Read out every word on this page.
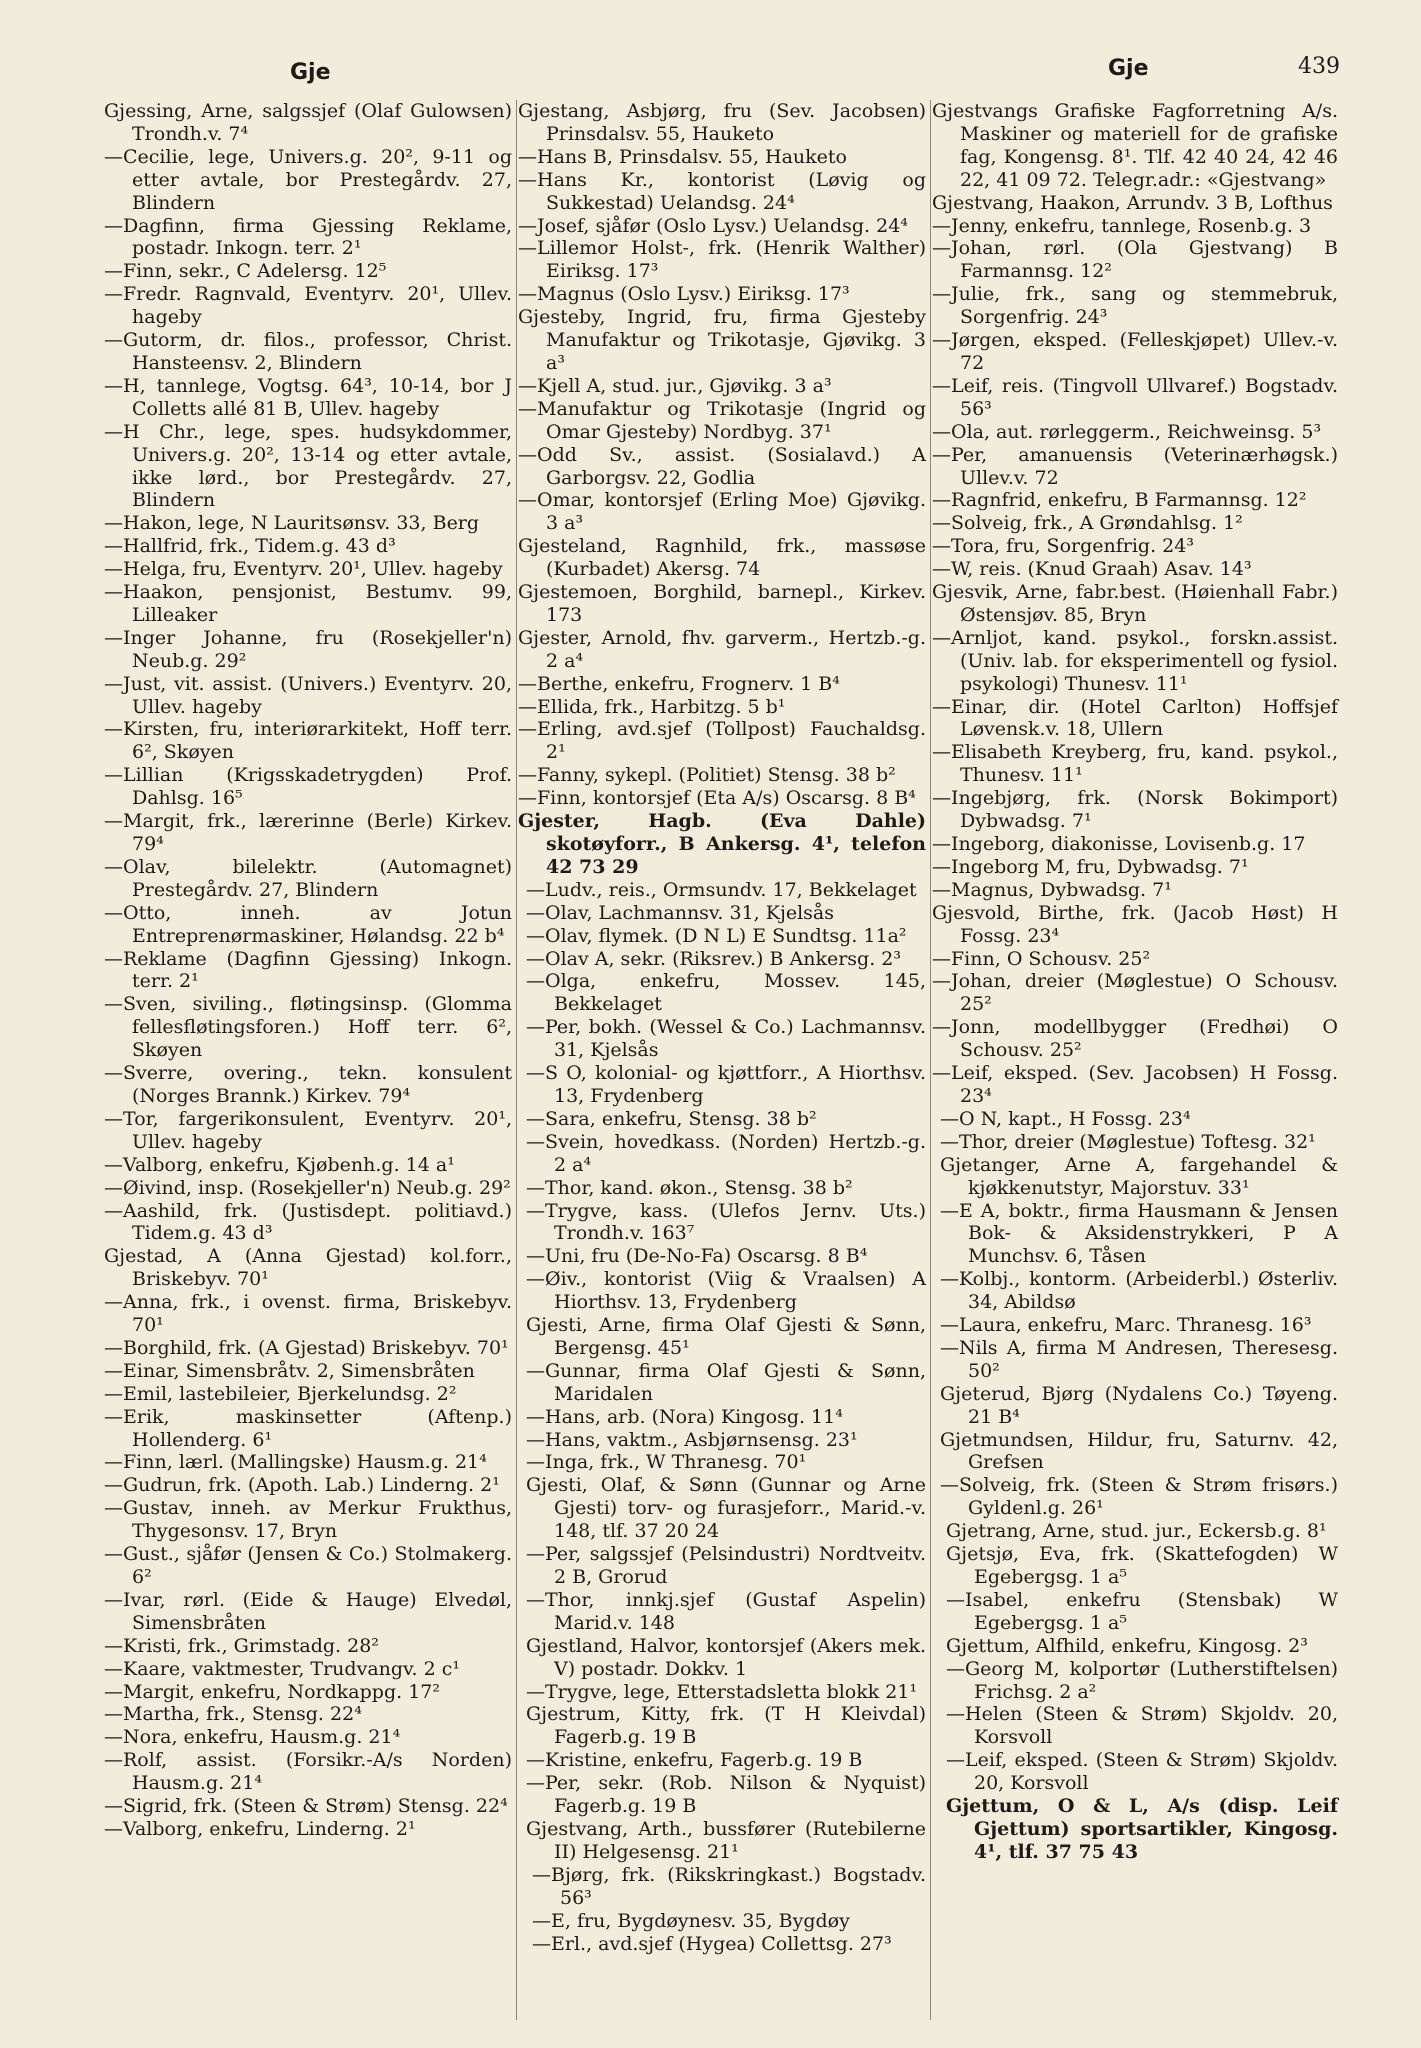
Gje	Gje	439
Gjessing, Arne, salgssjef (Olaf Gulowsen) Trondh.v. 7⁴
—Cecilie, lege, Univers.g. 20², 9-11 og etter avtale, bor Prestegårdv. 27, Blindern
—Dagfinn, firma Gjessing Reklame, postadr. Inkogn. terr. 2¹
—Finn, sekr., C Adelersg. 12⁵
—Fredr. Ragnvald, Eventyrv. 20¹, Ullev. hageby
—Gutorm, dr. filos., professor, Christ. Hansteensv. 2, Blindern
—H, tannlege, Vogtsg. 64³, 10-14, bor J Colletts allé 81 B, Ullev. hageby
—H Chr., lege, spes. hudsykdommer, Univers.g. 20², 13-14 og etter avtale, ikke lørd., bor Prestegårdv. 27, Blindern
—Hakon, lege, N Lauritsønsv. 33, Berg
—Hallfrid, frk., Tidem.g. 43 d³
—Helga, fru, Eventyrv. 20¹, Ullev. hageby
—Haakon, pensjonist, Bestumv. 99, Lilleaker
—Inger Johanne, fru (Rosekjeller'n) Neub.g. 29²
—Just, vit. assist. (Univers.) Eventyrv. 20, Ullev. hageby
—Kirsten, fru, interiørarkitekt, Hoff terr. 6², Skøyen
—Lillian (Krigsskadetrygden) Prof. Dahlsg. 16⁵
—Margit, frk., lærerinne (Berle) Kirkev. 79⁴
—Olav, bilelektr. (Automagnet) Prestegårdv. 27, Blindern
—Otto, inneh. av Jotun Entreprenørmaskiner, Hølandsg. 22 b⁴
—Reklame (Dagfinn Gjessing) Inkogn. terr. 2¹
—Sven, siviling., fløtingsinsp. (Glomma fellesfløtingsforen.) Hoff terr. 6², Skøyen
—Sverre, overing., tekn. konsulent (Norges Brannk.) Kirkev. 79⁴
—Tor, fargerikonsulent, Eventyrv. 20¹, Ullev. hageby
—Valborg, enkefru, Kjøbenh.g. 14 a¹
—Øivind, insp. (Rosekjeller'n) Neub.g. 29²
—Aashild, frk. (Justisdept. politiavd.) Tidem.g. 43 d³
Gjestad, A (Anna Gjestad) kol.forr., Briskebyv. 70¹
—Anna, frk., i ovenst. firma, Briskebyv. 70¹
—Borghild, frk. (A Gjestad) Briskebyv. 70¹
—Einar, Simensbråtv. 2, Simensbråten
—Emil, lastebileier, Bjerkelundsg. 2²
—Erik, maskinsetter (Aftenp.) Hollenderg. 6¹
—Finn, lærl. (Mallingske) Hausm.g. 21⁴
—Gudrun, frk. (Apoth. Lab.) Linderng. 2¹
—Gustav, inneh. av Merkur Frukthus, Thygesonsv. 17, Bryn
—Gust., sjåfør (Jensen & Co.) Stolmakerg. 6²
—Ivar, rørl. (Eide & Hauge) Elvedøl, Simensbråten
—Kristi, frk., Grimstadg. 28²
—Kaare, vaktmester, Trudvangv. 2 c¹
—Margit, enkefru, Nordkappg. 17²
—Martha, frk., Stensg. 22⁴
—Nora, enkefru, Hausm.g. 21⁴
—Rolf, assist. (Forsikr.-A/s Norden) Hausm.g. 21⁴
—Sigrid, frk. (Steen & Strøm) Stensg. 22⁴
—Valborg, enkefru, Linderng. 2¹
Gjestang, Asbjørg, fru (Sev. Jacobsen) Prinsdalsv. 55, Hauketo
—Hans B, Prinsdalsv. 55, Hauketo
—Hans Kr., kontorist (Løvig og Sukkestad) Uelandsg. 24⁴
—Josef, sjåfør (Oslo Lysv.) Uelandsg. 24⁴
—Lillemor Holst-, frk. (Henrik Walther) Eiriksg. 17³
—Magnus (Oslo Lysv.) Eiriksg. 17³
Gjesteby, Ingrid, fru, firma Gjesteby Manufaktur og Trikotasje, Gjøvikg. 3 a³
—Kjell A, stud. jur., Gjøvikg. 3 a³
—Manufaktur og Trikotasje (Ingrid og Omar Gjesteby) Nordbyg. 37¹
—Odd Sv., assist. (Sosialavd.) A Garborgsv. 22, Godlia
—Omar, kontorsjef (Erling Moe) Gjøvikg. 3 a³
Gjesteland, Ragnhild, frk., massøse (Kurbadet) Akersg. 74
Gjestemoen, Borghild, barnepl., Kirkev. 173
Gjester, Arnold, fhv. garverm., Hertzb.-g. 2 a⁴
—Berthe, enkefru, Frognerv. 1 B⁴
—Ellida, frk., Harbitzg. 5 b¹
—Erling, avd.sjef (Tollpost) Fauchaldsg. 2¹
—Fanny, sykepl. (Politiet) Stensg. 38 b²
—Finn, kontorsjef (Eta A/s) Oscarsg. 8 B⁴
Gjester, Hagb. (Eva Dahle) skotøyforr., B Ankersg. 4¹, telefon 42 73 29
—Ludv., reis., Ormsundv. 17, Bekkelaget
—Olav, Lachmannsv. 31, Kjelsås
—Olav, flymek. (D N L) E Sundtsg. 11a²
—Olav A, sekr. (Riksrev.) B Ankersg. 2³
—Olga, enkefru, Mossev. 145, Bekkelaget
—Per, bokh. (Wessel & Co.) Lachmannsv. 31, Kjelsås
—S O, kolonial- og kjøttforr., A Hiorthsv. 13, Frydenberg
—Sara, enkefru, Stensg. 38 b²
—Svein, hovedkass. (Norden) Hertzb.-g. 2 a⁴
—Thor, kand. økon., Stensg. 38 b²
—Trygve, kass. (Ulefos Jernv. Uts.) Trondh.v. 163⁷
—Uni, fru (De-No-Fa) Oscarsg. 8 B⁴
—Øiv., kontorist (Viig & Vraalsen) A Hiorthsv. 13, Frydenberg
Gjesti, Arne, firma Olaf Gjesti & Sønn, Bergensg. 45¹
—Gunnar, firma Olaf Gjesti & Sønn, Maridalen
—Hans, arb. (Nora) Kingosg. 11⁴
—Hans, vaktm., Asbjørnsensg. 23¹
—Inga, frk., W Thranesg. 70¹
Gjesti, Olaf, & Sønn (Gunnar og Arne Gjesti) torv- og furasjeforr., Marid.-v. 148, tlf. 37 20 24
—Per, salgssjef (Pelsindustri) Nordtveitv. 2 B, Grorud
—Thor, innkj.sjef (Gustaf Aspelin) Marid.v. 148
Gjestland, Halvor, kontorsjef (Akers mek. V) postadr. Dokkv. 1
—Trygve, lege, Etterstadsletta blokk 21¹
Gjestrum, Kitty, frk. (T H Kleivdal) Fagerb.g. 19 B
—Kristine, enkefru, Fagerb.g. 19 B
—Per, sekr. (Rob. Nilson & Nyquist) Fagerb.g. 19 B
Gjestvang, Arth., bussfører (Rutebilerne II) Helgesensg. 21¹
—Bjørg, frk. (Rikskringkast.) Bogstadv. 56³
—E, fru, Bygdøynesv. 35, Bygdøy
—Erl., avd.sjef (Hygea) Collettsg. 27³
Gjestvangs Grafiske Fagforretning A/s. Maskiner og materiell for de grafiske fag, Kongensg. 8¹. Tlf. 42 40 24, 42 46 22, 41 09 72. Telegr.adr.: «Gjestvang»
Gjestvang, Haakon, Arrundv. 3 B, Lofthus
—Jenny, enkefru, tannlege, Rosenb.g. 3
—Johan, rørl. (Ola Gjestvang) B Farmannsg. 12²
—Julie, frk., sang og stemmebruk, Sorgenfrig. 24³
—Jørgen, eksped. (Felleskjøpet) Ullev.-v. 72
—Leif, reis. (Tingvoll Ullvaref.) Bogstadv. 56³
—Ola, aut. rørleggerm., Reichweinsg. 5³
—Per, amanuensis (Veterinærhøgsk.) Ullev.v. 72
—Ragnfrid, enkefru, B Farmannsg. 12²
—Solveig, frk., A Grøndahlsg. 1²
—Tora, fru, Sorgenfrig. 24³
—W, reis. (Knud Graah) Asav. 14³
Gjesvik, Arne, fabr.best. (Høienhall Fabr.) Østensjøv. 85, Bryn
—Arnljot, kand. psykol., forskn.assist. (Univ. lab. for eksperimentell og fysiol. psykologi) Thunesv. 11¹
—Einar, dir. (Hotel Carlton) Hoffsjef Løvensk.v. 18, Ullern
—Elisabeth Kreyberg, fru, kand. psykol., Thunesv. 11¹
—Ingebjørg, frk. (Norsk Bokimport) Dybwadsg. 7¹
—Ingeborg, diakonisse, Lovisenb.g. 17
—Ingeborg M, fru, Dybwadsg. 7¹
—Magnus, Dybwadsg. 7¹
Gjesvold, Birthe, frk. (Jacob Høst) H Fossg. 23⁴
—Finn, O Schousv. 25²
—Johan, dreier (Møglestue) O Schousv. 25²
—Jonn, modellbygger (Fredhøi) O Schousv. 25²
—Leif, eksped. (Sev. Jacobsen) H Fossg. 23⁴
—O N, kapt., H Fossg. 23⁴
—Thor, dreier (Møglestue) Toftesg. 32¹
Gjetanger, Arne A, fargehandel & kjøkkenutstyr, Majorstuv. 33¹
—E A, boktr., firma Hausmann & Jensen Bok- & Aksidenstrykkeri, P A Munchsv. 6, Tåsen
—Kolbj., kontorm. (Arbeiderbl.) Østerliv. 34, Abildsø
—Laura, enkefru, Marc. Thranesg. 16³
—Nils A, firma M Andresen, Theresesg. 50²
Gjeterud, Bjørg (Nydalens Co.) Tøyeng. 21 B⁴
Gjetmundsen, Hildur, fru, Saturnv. 42, Grefsen
—Solveig, frk. (Steen & Strøm frisørs.) Gyldenl.g. 26¹
Gjetrang, Arne, stud. jur., Eckersb.g. 8¹
Gjetsjø, Eva, frk. (Skattefogden) W Egebergsg. 1 a⁵
—Isabel, enkefru (Stensbak) W Egebergsg. 1 a⁵
Gjettum, Alfhild, enkefru, Kingosg. 2³
—Georg M, kolportør (Lutherstiftelsen) Frichsg. 2 a²
—Helen (Steen & Strøm) Skjoldv. 20, Korsvoll
—Leif, eksped. (Steen & Strøm) Skjoldv. 20, Korsvoll
Gjettum, O & L, A/s (disp. Leif Gjettum) sportsartikler, Kingosg. 4¹, tlf. 37 75 43
